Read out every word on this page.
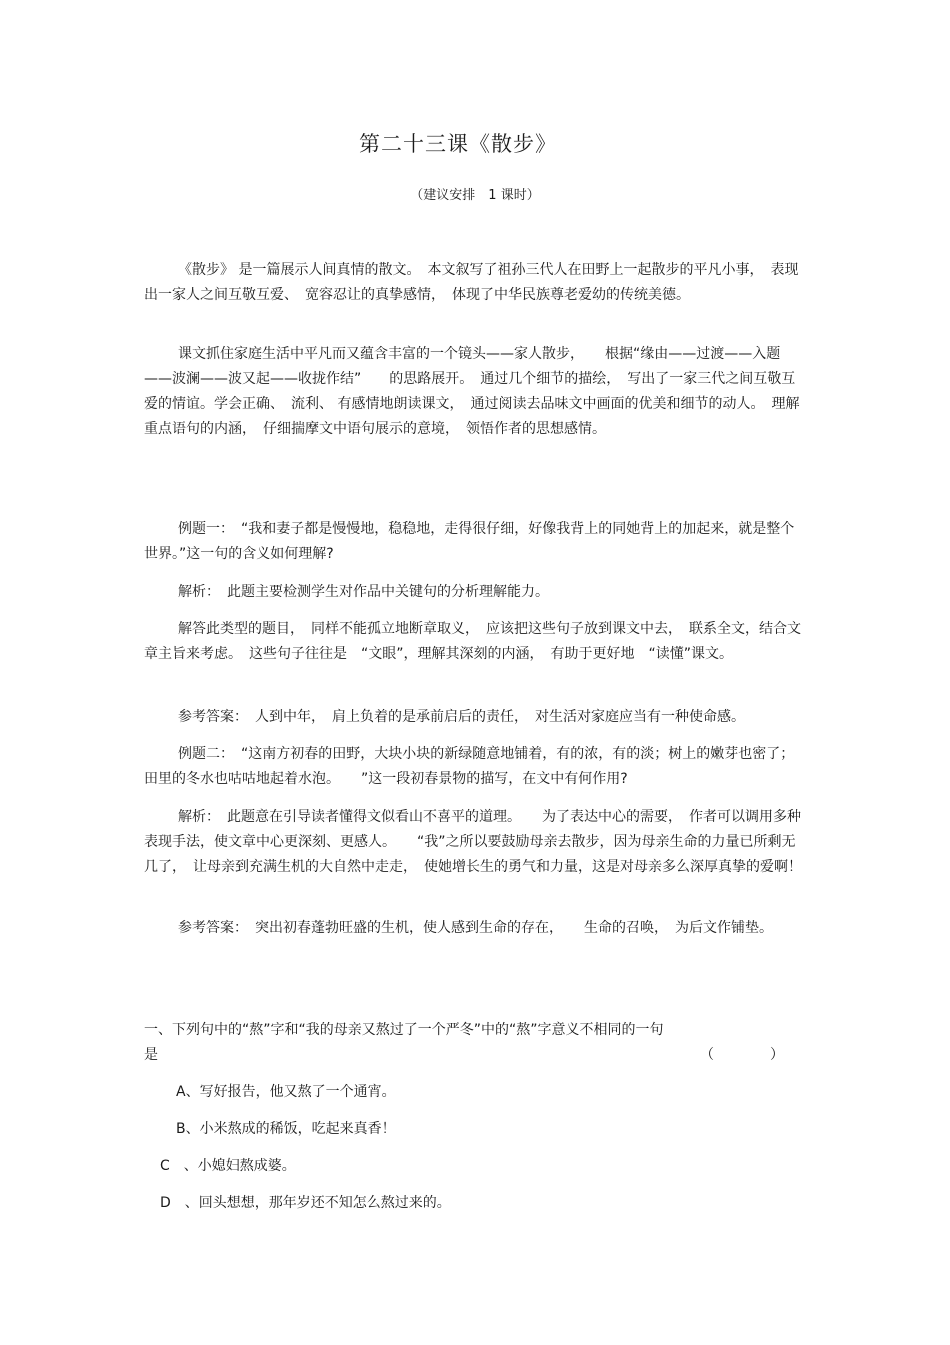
第二十三课《散步》
（建议安排　1 课时）

《散步》 是一篇展示人间真情的散文。　本文叙写了祖孙三代人在田野上一起散步的平凡小事，　表现出一家人之间互敬互爱、　宽容忍让的真挚感情，　体现了中华民族尊老爱幼的传统美德。

课文抓住家庭生活中平凡而又蕴含丰富的一个镜头——家人散步，　　根据“缘由——过渡——入题——波澜——波又起——收拢作结”　　的思路展开。　通过几个细节的描绘，　写出了一家三代之间互敬互爱的情谊。学会正确、　流利、 有感情地朗读课文，　通过阅读去品味文中画面的优美和细节的动人。　理解重点语句的内涵，　仔细揣摩文中语句展示的意境，　领悟作者的思想感情。

例题一：　“我和妻子都是慢慢地，稳稳地，走得很仔细，好像我背上的同她背上的加起来，就是整个世界。”这一句的含义如何理解?

解析：　此题主要检测学生对作品中关键句的分析理解能力。

解答此类型的题目，　同样不能孤立地断章取义，　应该把这些句子放到课文中去，　联系全文，结合文章主旨来考虑。　这些句子往往是　“文眼”，理解其深刻的内涵，　有助于更好地　“读懂”课文。

参考答案：　人到中年，　肩上负着的是承前启后的责任，　对生活对家庭应当有一种使命感。

例题二：　“这南方初春的田野，大块小块的新绿随意地铺着，有的浓，有的淡；树上的嫩芽也密了；田里的冬水也咕咕地起着水泡。　　”这一段初春景物的描写，在文中有何作用?

解析：　此题意在引导读者懂得文似看山不喜平的道理。　　为了表达中心的需要，　作者可以调用多种表现手法，使文章中心更深刻、更感人。　　“我”之所以要鼓励母亲去散步，因为母亲生命的力量已所剩无几了，　让母亲到充满生机的大自然中走走，　使她增长生的勇气和力量，这是对母亲多么深厚真挚的爱啊！

参考答案：　突出初春蓬勃旺盛的生机，使人感到生命的存在，　　生命的召唤，　为后文作铺垫。

一、下列句中的“熬”字和“我的母亲又熬过了一个严冬”中的“熬”字意义不相同的一句
是	（　　　　）
A、写好报告，他又熬了一个通宵。
B、小米熬成的稀饭，吃起来真香！
C　、小媳妇熬成婆。
D　、回头想想，那年岁还不知怎么熬过来的。
